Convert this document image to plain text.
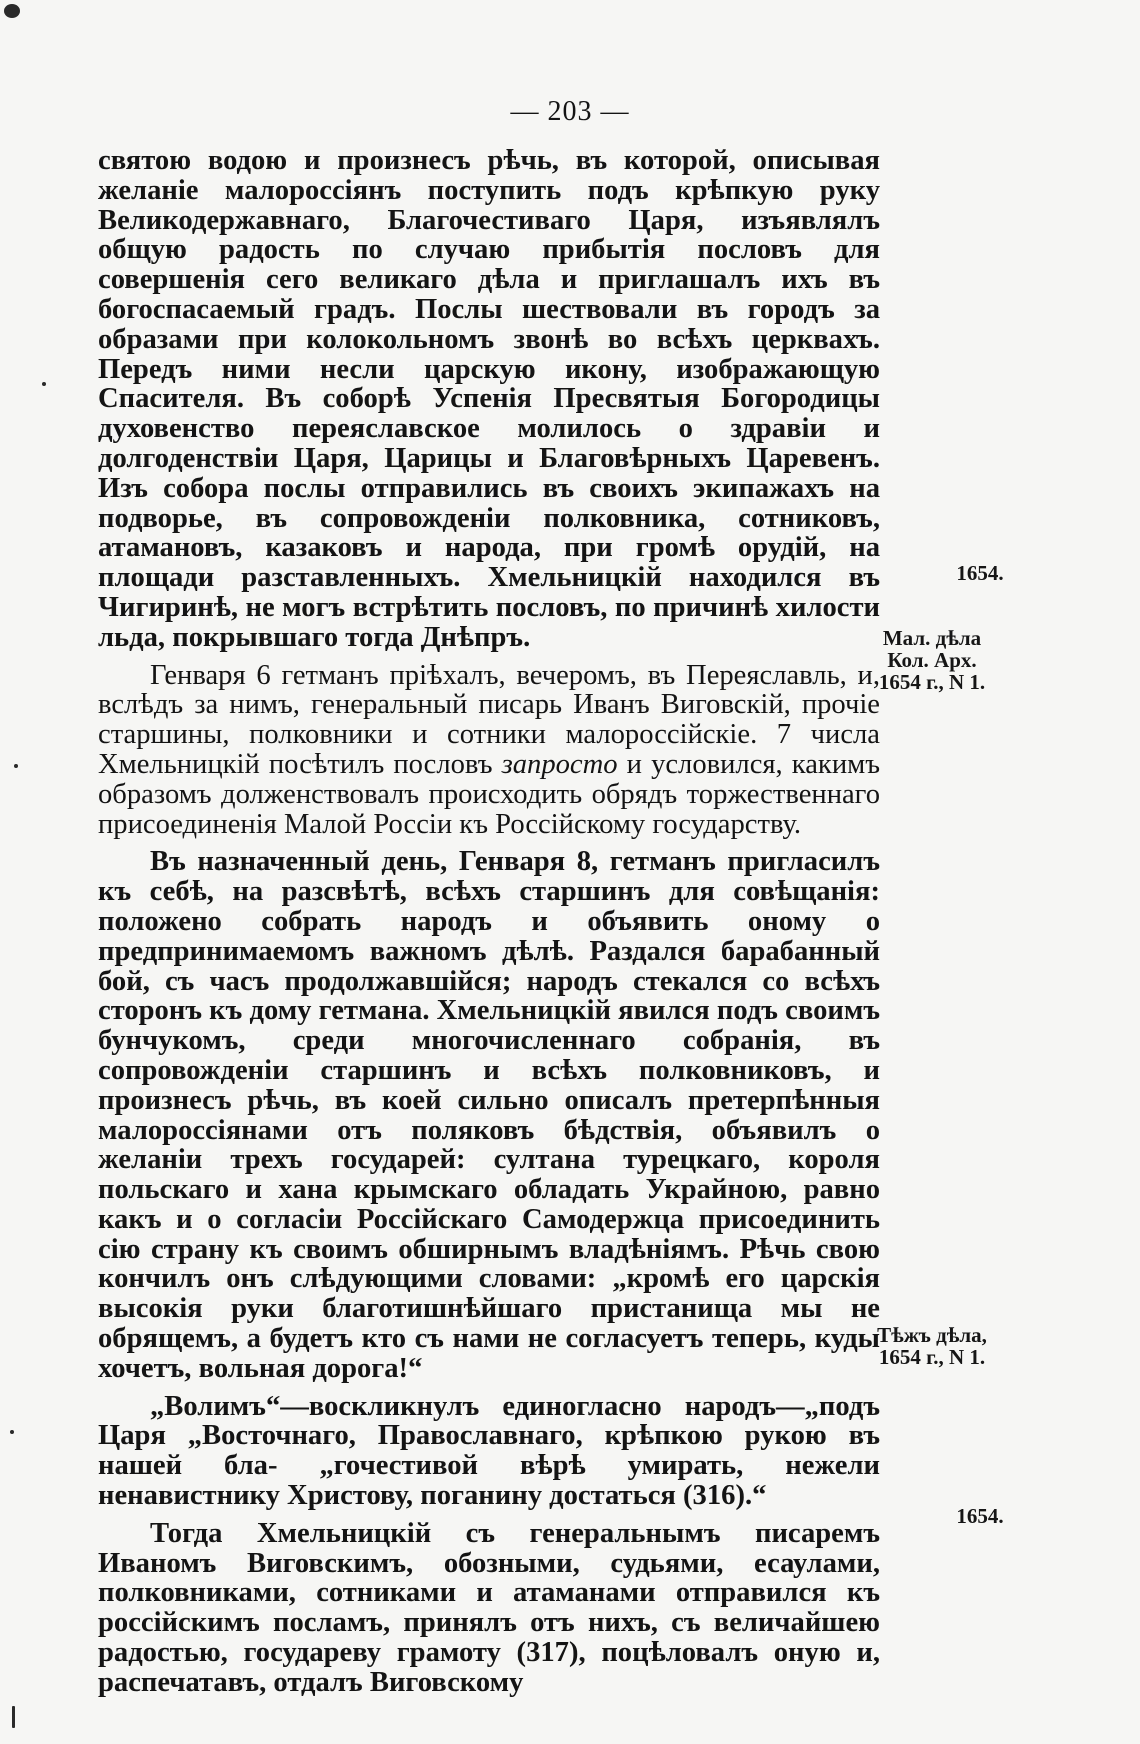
— 203 —

святою водою и произнесъ рѣчь, въ которой, описывая желаніе малороссіянъ поступить подъ крѣпкую руку Великодержавнаго, Благочестиваго Царя, изъявлялъ общую радость по случаю прибытія пословъ для совершенія сего великаго дѣла и приглашалъ ихъ въ богоспасаемый градъ. Послы шествовали въ городъ за образами при колокольномъ звонѣ во всѣхъ церквахъ. Передъ ними несли царскую икону, изображающую Спасителя. Въ соборѣ Успенія Пресвятыя Богородицы духовенство переяславское молилось о здравіи и долгоденствіи Царя, Царицы и Благовѣрныхъ Царевенъ. Изъ собора послы отправились въ своихъ экипажахъ на подворье, въ сопровожденіи полковника, сотниковъ, атамановъ, казаковъ и народа, при громѣ орудій, на площади разставленныхъ. Хмельницкій находился въ Чигиринѣ, не могъ встрѣтить пословъ, по причинѣ хилости льда, покрывшаго тогда Днѣпръ.

Генваря 6 гетманъ пріѣхалъ, вечеромъ, въ Переяславль, и, вслѣдъ за нимъ, генеральный писарь Иванъ Виговскій, прочіе старшины, полковники и сотники малороссійскіе. 7 числа Хмельницкій посѣтилъ пословъ запросто и условился, какимъ образомъ долженствовалъ происходить обрядъ торжественнаго присоединенія Малой Россіи къ Россійскому государству.

Въ назначенный день, Генваря 8, гетманъ пригласилъ къ себѣ, на разсвѣтѣ, всѣхъ старшинъ для совѣщанія: положено собрать народъ и объявить оному о предпринимаемомъ важномъ дѣлѣ. Раздался барабанный бой, съ часъ продолжавшійся; народъ стекался со всѣхъ сторонъ къ дому гетмана. Хмельницкій явился подъ своимъ бунчукомъ, среди многочисленнаго собранія, въ сопровожденіи старшинъ и всѣхъ полковниковъ, и произнесъ рѣчь, въ коей сильно описалъ претерпѣнныя малороссіянами отъ поляковъ бѣдствія, объявилъ о желаніи трехъ государей: султана турецкаго, короля польскаго и хана крымскаго обладать Украйною, равно какъ и о согласіи Россійскаго Самодержца присоединить сію страну къ своимъ обширнымъ владѣніямъ. Рѣчь свою кончилъ онъ слѣдующими словами: „кромѣ его царскія высокія руки благотишнѣйшаго пристанища мы не обрящемъ, а будетъ кто съ нами не согласуетъ теперь, куды хочетъ, вольная дорога!“

„Волимъ“—воскликнулъ единогласно народъ—„подъ Царя „Восточнаго, Православнаго, крѣпкою рукою въ нашей бла- „гочестивой вѣрѣ умирать, нежели ненавистнику Христову, поганину достаться (316).“

Тогда Хмельницкій съ генеральнымъ писаремъ Иваномъ Виговскимъ, обозными, судьями, есаулами, полковниками, сотниками и атаманами отправился къ россійскимъ посламъ, принялъ отъ нихъ, съ величайшею радостью, государеву грамоту (317), поцѣловалъ оную и, распечатавъ, отдалъ Виговскому

1654.
Мал. дѣла Кол. Арх. 1654 г., N 1.
Тѣжъ дѣла, 1654 г., N 1.
1654.
